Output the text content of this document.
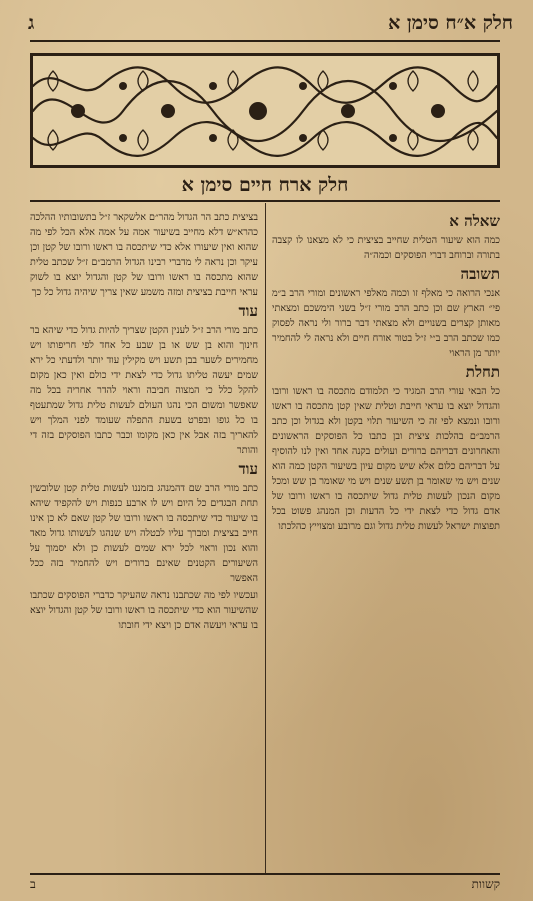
חלק א״ח סימן א
ג
חלק ארח חיים סימן א
שאלה א

כמה הוא שיעור הטלית שחייב בציצית כי לא מצאנו לו קצבה בתורה וברוחב דברי הפוסקים וכמה״ה

תשובה

אנכי הרואה כי מאלף זו וכמה מאלפי ראשונים ומורי הרב ב״מ פי״ הארץ שם וכן כתב הרב מורי ז״ל בשני הימשכם ומצאתי מאותן קצרים בשנויים ולא מצאתי דבר ברור ולי נראה לפסוק כמו שכתב הרב ב״י ז״ל בטור אורח חיים ולא נראה לי להחמיר יותר מן הראוי

תחלת

כל הבאי עורי הרב המגיד כי תלמודם מתכסה בו ראשו ורובו והגדול יוצא בו עראי חייבת וטלית שאין קטן מתכסה בו ראשו ורובו ונמצא לפי זה כי השיעור תלוי בקטן ולא בגדול וכן כתב הרמב״ם בהלכות ציצית ובן כתבו כל הפוסקים הראשונים והאחרונים דבריהם ברורים ועולים בקנה אחד ואין לנו להוסיף על דבריהם כלום אלא שיש מקום עיון בשיעור הקטן כמה הוא שנים ויש מי שאומר בן תשע שנים ויש מי שאומר בן שש ומכל מקום הנכון לעשות טלית גדול שיתכסה בו ראשו ורובו של אדם גדול כדי לצאת ידי כל הדעות וכן המנהג פשוט בכל תפוצות ישראל לעשות טלית גדול וגם מרובע ומצוייץ כהלכתו

בציצית כתב הר הגדול מהר״ם אלשקאר ז״ל בתשובותיו ההלכה כהרא״ש דלא מחייב בשיעור אמה על אמה אלא הכל לפי מה שהוא ואין שיעורו אלא כדי שיתכסה בו ראשו ורובו של קטן וכן עיקר וכן נראה לי מדברי רבינו הגדול הרמב״ם ז״ל שכתב טלית שהוא מתכסה בו ראשו ורובו של קטן והגדול יוצא בו לשוק עראי חייבת בציצית ומזה משמע שאין צריך שיהיה גדול כל כך

עוד

כתב מורי הרב ז״ל לענין הקטן שצריך להיות גדול כדי שיהא בר חינוך והוא בן שש או בן שבע כל אחד לפי חריפותו ויש מחמירים לשער בבן תשע ויש מקילין עוד יותר ולדעתי כל ירא שמים יעשה טליתו גדול כדי לצאת ידי כולם ואין כאן מקום להקל כלל כי המצוה חביבה וראוי להדר אחריה בכל מה שאפשר ומשום הכי נהגו העולם לעשות טלית גדול שמתעטף בו כל גופו ובפרט בשעת התפלה שעומד לפני המלך ויש להאריך בזה אבל אין כאן מקומו וכבר כתבו הפוסקים בזה די והותר

עוד

כתב מורי הרב שם דהמנהג בזמננו לעשות טלית קטן שלובשין תחת הבגדים כל היום ויש לו ארבע כנפות ויש להקפיד שיהא בו שיעור כדי שיתכסה בו ראשו ורובו של קטן שאם לא כן אינו חייב בציצית ומברך עליו לבטלה ויש שנהגו לעשותו גדול מאד והוא נכון וראוי לכל ירא שמים לעשות כן ולא יסמוך על השיעורים הקטנים שאינם ברורים ויש להחמיר בזה ככל האפשר

ועכשיו לפי מה שכתבנו נראה שהעיקר כדברי הפוסקים שכתבו שהשיעור הוא כדי שיתכסה בו ראשו ורובו של קטן והגדול יוצא בו עראי ויעשה אדם כן ויצא ידי חובתו

קשוות
ב
